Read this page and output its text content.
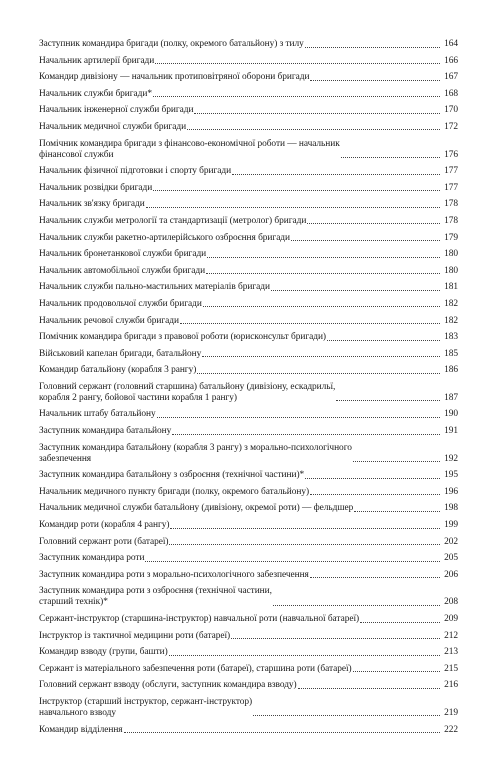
Заступник командира бригади (полку, окремого батальйону) з тилу	164
Начальник артилерії бригади	166
Командир дивізіону — начальник протиповітряної оборони бригади	167
Начальник служби бригади*	168
Начальник інженерної служби бригади	170
Начальник медичної служби бригади	172
Помічник командира бригади з фінансово-економічної роботи — начальник
фінансової служби	176
Начальник фізичної підготовки і спорту бригади	177
Начальник розвідки бригади	177
Начальник зв'язку бригади	178
Начальник служби метрології та стандартизації (метролог) бригади	178
Начальник служби ракетно-артилерійського озброєння бригади	179
Начальник бронетанкової служби бригади	180
Начальник автомобільної служби бригади	180
Начальник служби пально-мастильних матеріалів бригади	181
Начальник продовольчої служби бригади	182
Начальник речової служби бригади	182
Помічник командира бригади з правової роботи (юрисконсульт бригади)	183
Військовий капелан бригади, батальйону	185
Командир батальйону (корабля 3 рангу)	186
Головний сержант (головний старшина) батальйону (дивізіону, ескадрильї,
корабля 2 рангу, бойової частини корабля 1 рангу)	187
Начальник штабу батальйону	190
Заступник командира батальйону	191
Заступник командира батальйону (корабля 3 рангу) з морально-психологічного
забезпечення	192
Заступник командира батальйону з озброєння (технічної частини)*	195
Начальник медичного пункту бригади (полку, окремого батальйону)	196
Начальник медичної служби батальйону (дивізіону, окремої роти) — фельдшер	198
Командир роти (корабля 4 рангу)	199
Головний сержант роти (батареї)	202
Заступник командира роти	205
Заступник командира роти з морально-психологічного забезпечення	206
Заступник командира роти з озброєння (технічної частини,
старший технік)*	208
Сержант-інструктор (старшина-інструктор) навчальної роти (навчальної батареї)	209
Інструктор із тактичної медицини роти (батареї)	212
Командир взводу (групи, башти)	213
Сержант із матеріального забезпечення роти (батареї), старшина роти (батареї)	215
Головний сержант взводу (обслуги, заступник командира взводу)	216
Інструктор (старший інструктор, сержант-інструктор)
навчального взводу	219
Командир відділення	222
